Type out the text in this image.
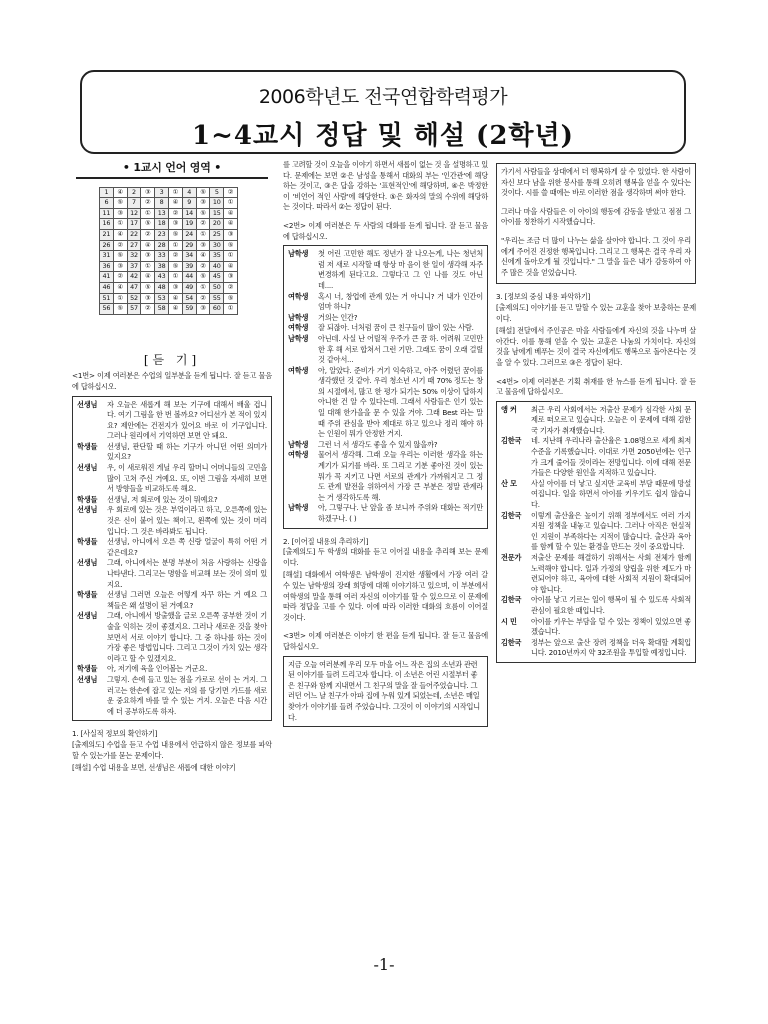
2006학년도 전국연합학력평가
1~4교시 정답 및 해설 (2학년)
• 1교시 언어 영역 •
1	④	2	③	3	①	4	⑤	5	②
6	⑤	7	②	8	④	9	③	10	①
11	③	12	①	13	②	14	⑤	15	④
16	①	17	⑤	18	③	19	②	20	④
21	④	22	②	23	⑤	24	①	25	③
26	②	27	④	28	①	29	③	30	⑤
31	⑤	32	③	33	②	34	④	35	①
36	③	37	①	38	⑤	39	②	40	④
41	②	42	④	43	①	44	⑤	45	③
46	④	47	⑤	48	③	49	①	50	②
51	①	52	③	53	④	54	②	55	⑤
56	⑤	57	②	58	④	59	③	60	①
[듣 기]
<1번> 이제 여러분은 수업의 일부분을 듣게 됩니다. 잘 듣고 물음에 답하십시오.
선생님	자 오늘은 새롭게 해 보는 기구에 대해서 배울 겁니다. 여기 그림을 한 번 볼까요? 어디선가 본 적이 있지요? 제안에는 건전지가 있어요 바로 이 기구입니다. 그러나 원리에서 기억하면 보면 안 돼요.
학생들	선생님, 판단할 때 하는 기구가 아니던 어떤 의미가 있지요?
선생님	우, 이 새로워진 게닐 우리 할머니 어머니들의 고민을 많이 고쳐 주신 거예요. 또, 이번 그림을 자세히 보면서 방향들을 비교하도록 해요.
학생들	선생님, 저 회로에 있는 것이 뭐예요?
선생님	우 회로에 있는 것은 부엌이라고 하고, 오른쪽에 있는 것은 신이 붙어 있는 책이고, 왼쪽에 있는 것이 머리입니다. 그 것은 바라봐도 됩니다.
학생들	선생님, 아니에서 오른 쪽 신랑 얼굴이 특히 어떤 거 같은데요?
선생님	그래, 아니에서는 분명 부분이 처음 사랑하는 신랑을 나타낸다. 그리고는 명함을 비교해 보는 것이 의미 있지요.
학생들	선생님 그러면 오늘은 어떻게 자꾸 하는 거 예요 그 책들은 왜 설명이 된 거예요?
선생님	그래, 아니에서 방출했을 글로 오른쪽 공부한 것이 기술을 익히는 것이 좋겠지요. 그러나 새로운 것을 찾아 보면서 서로 이야기 합니다. 그 중 하나를 하는 것이 가장 좋은 방법입니다. 그리고 그것이 가치 있는 생각이라고 할 수 있겠지요.
학생들	아, 저기에 육을 인어볼는 거군요.
선생님	그렇지. 손에 들고 있는 점을 가로로 선이 는 거지. 그러고는 한손에 잡고 있는 저의 를 당기면 가드를 새로운 중요하게 바를 말 수 있는 거지. 오늘은 다음 시간에 더 공부하도록 하자.
1. [사실적 정보의 확인하기]
[출제의도] 수업을 듣고 수업 내용에서 언급하지 않은 정보를 파악할 수 있는가를 묻는 문제이다.
[해설] 수업 내용을 보면, 선생님은 새롭에 대한 이야기
를 고려할 것이 오늘을 이야기 하면서 새롭이 없는 것 을 설명하고 있다. 문제에는 보면 ②은 남성을 통해서 대화의 부는 '인간관'에 해당하는 것이고, ③은 답을 강하는 '표현적인'에 해당하며, ④은 박정한 이 '비언어 적인 사람'에 해당한다. ⑤은 화자의 말의 수위에 해당하는 것이다. 따라서 ②는 정답이 된다.
<2번> 이제 여러분은 두 사람의 대화를 듣게 됩니다. 잘 듣고 물음에 답하십시오.
남학생	첫 어린 고민한 해도 정년가 잘 나오는게, 나는 청년처럼 저 새로 시작할 때 항상 마 음이 한 일이 생각해 자주 변경하게 된다고요. 그렇다고 그 인 나를 것도 아닌데....
여학생	혹시 너, 창업에 관계 있는 거 아니니? 거 내가 인간이 엄마 하니?
남학생	거의는 인간?
여학생	잘 되잖아. 너처럼 꿈이 큰 친구들이 많이 있는 사람.
남학생	아닌데. 사실 난 어릴적 우주가 큰 꿈 하. 어려워 고민만 한 후 해 서로 합쳐서 그런 기만. 그래도 꿈이 오래 걸릴 것 같아서...
여학생	아, 알았다. 준비가 거기 익숙하고, 아주 어렸던 꿈이를 생각했던 것 같아. 우리 청소년 시기 때 70% 정도는 창의 시절에서, 많고 한 평가 되기는 50% 이상이 답하지 아니한 건 알 수 있다는데. 그래서 사람들은 인기 있는 일 대해 한가을을 문 수 있을 거야. 그래 Best 라는 말 때 주위 관심을 받아 제대로 하고 있으나 정리 해야 하는 인원이 뭐가 안정한 거지.
남학생	그런 너 서 생각도 좋을 수 있지 않을까?
여학생	물어서 생각해. 그래 오늘 우리는 이러한 생각을 하는 계기가 되기를 바라. 또 그리고 기분 좋아진 것이 있는 뭐가 꼭 지키고 나면 서로의 관계가 가까워지고 그 정도 관계 발전을 위하여서 가장 큰 부분은 정말 관계라는 거 생각하도록 해.
남학생	아, 그렇구나. 난 앞을 좀 보니까 주위와 대화는 적기만 하겠구나. ( )
2. [이어질 내용의 추리하기]
[출제의도] 두 학생의 대화를 듣고 이어질 내용을 추리해 보는 문제이다.
[해설] 대화에서 여학생은 남학생이 진지한 생활에서 가장 여러 갈 수 있는 남학생의 장래 희망에 대해 이야기하고 있으며, 이 부분에서 여학생의 말을 통해 여러 자신의 이야기를 할 수 있으므로 이 문제에 따라 정답을 고를 수 있다. 이에 따라 이러한 대화의 흐름이 이어질 것이다.
<3번> 이제 여러분은 이야기 한 편을 듣게 됩니다. 잘 듣고 물음에 답하십시오.
지금 오늘 여러분께 우리 모두 마을 어느 작은 집의 소년과 관련된 이야기를 들려 드리고자 합니다. 이 소년은 어린 시절부터 좋은 친구와 함께 지내면서 그 친구의 말을 잘 들어주었습니다. 그러던 어느 날 친구가 아파 집에 누워 있게 되었는데, 소년은 매일 찾아가 이야기를 들려 주었습니다. 그것이 이 이야기의 시작입니다.
가기서 사람들을 상대에서 더 행복하게 살 수 있었다. 한 사람이 자신 보다 남을 위한 봉사를 통해 오히려 행복을 얻을 수 있다는 것이다. 시를 쓸 때에는 바로 이러한 점을 생각하며 써야 한다.
그러나 마을 사람들은 이 아이의 행동에 감동을 받았고 점점 그 아이를 칭찬하기 시작했습니다.
"우리는 조금 더 많이 나누는 삶을 살아야 합니다. 그 것이 우리에게 주어진 진정한 행복입니다. 그리고 그 행복은 결국 우리 자신에게 돌아오게 될 것입니다." 그 말을 들은 내가 감동하여 아주 많은 것을 얻었습니다.
3. [정보의 중심 내용 파악하기]
[출제의도] 이야기를 듣고 말할 수 있는 교훈을 찾아 보충하는 문제이다.
[해설] 전달에서 주인공은 마을 사람들에게 자신의 것을 나누며 살아간다. 이를 통해 얻을 수 있는 교훈은 나눔의 가치이다. 자신의 것을 남에게 베푸는 것이 결국 자신에게도 행복으로 돌아온다는 것을 알 수 있다. 그러므로 ③은 정답이 된다.
<4번> 이제 여러분은 기획 취재를 한 뉴스를 듣게 됩니다. 잘 듣고 물음에 답하십시오.
앵 커	최근 우리 사회에서는 저출산 문제가 심각한 사회 문제로 떠오르고 있습니다. 오늘은 이 문제에 대해 김한국 기자가 취재했습니다.
김한국	네. 지난해 우리나라 출산율은 1.08명으로 세계 최저 수준을 기록했습니다. 이대로 가면 2050년에는 인구가 크게 줄어들 것이라는 전망입니다. 이에 대해 전문가들은 다양한 원인을 지적하고 있습니다.
산 모	사실 아이를 더 낳고 싶지만 교육비 부담 때문에 망설여집니다. 일을 하면서 아이를 키우기도 쉽지 않습니다.
김한국	이렇게 출산율은 높이기 위해 정부에서도 여러 가지 지원 정책을 내놓고 있습니다. 그러나 아직은 현실적인 지원이 부족하다는 지적이 많습니다. 출산과 육아를 함께 할 수 있는 환경을 만드는 것이 중요합니다.
전문가	저출산 문제를 해결하기 위해서는 사회 전체가 함께 노력해야 합니다. 일과 가정의 양립을 위한 제도가 마련되어야 하고, 육아에 대한 사회적 지원이 확대되어야 합니다.
김한국	아이를 낳고 기르는 일이 행복이 될 수 있도록 사회적 관심이 필요한 때입니다.
시 민	아이를 키우는 부담을 덜 수 있는 정책이 있었으면 좋겠습니다.
김한국	정부는 앞으로 출산 장려 정책을 더욱 확대할 계획입니다. 2010년까지 약 32조원을 투입할 예정입니다.
-1-
